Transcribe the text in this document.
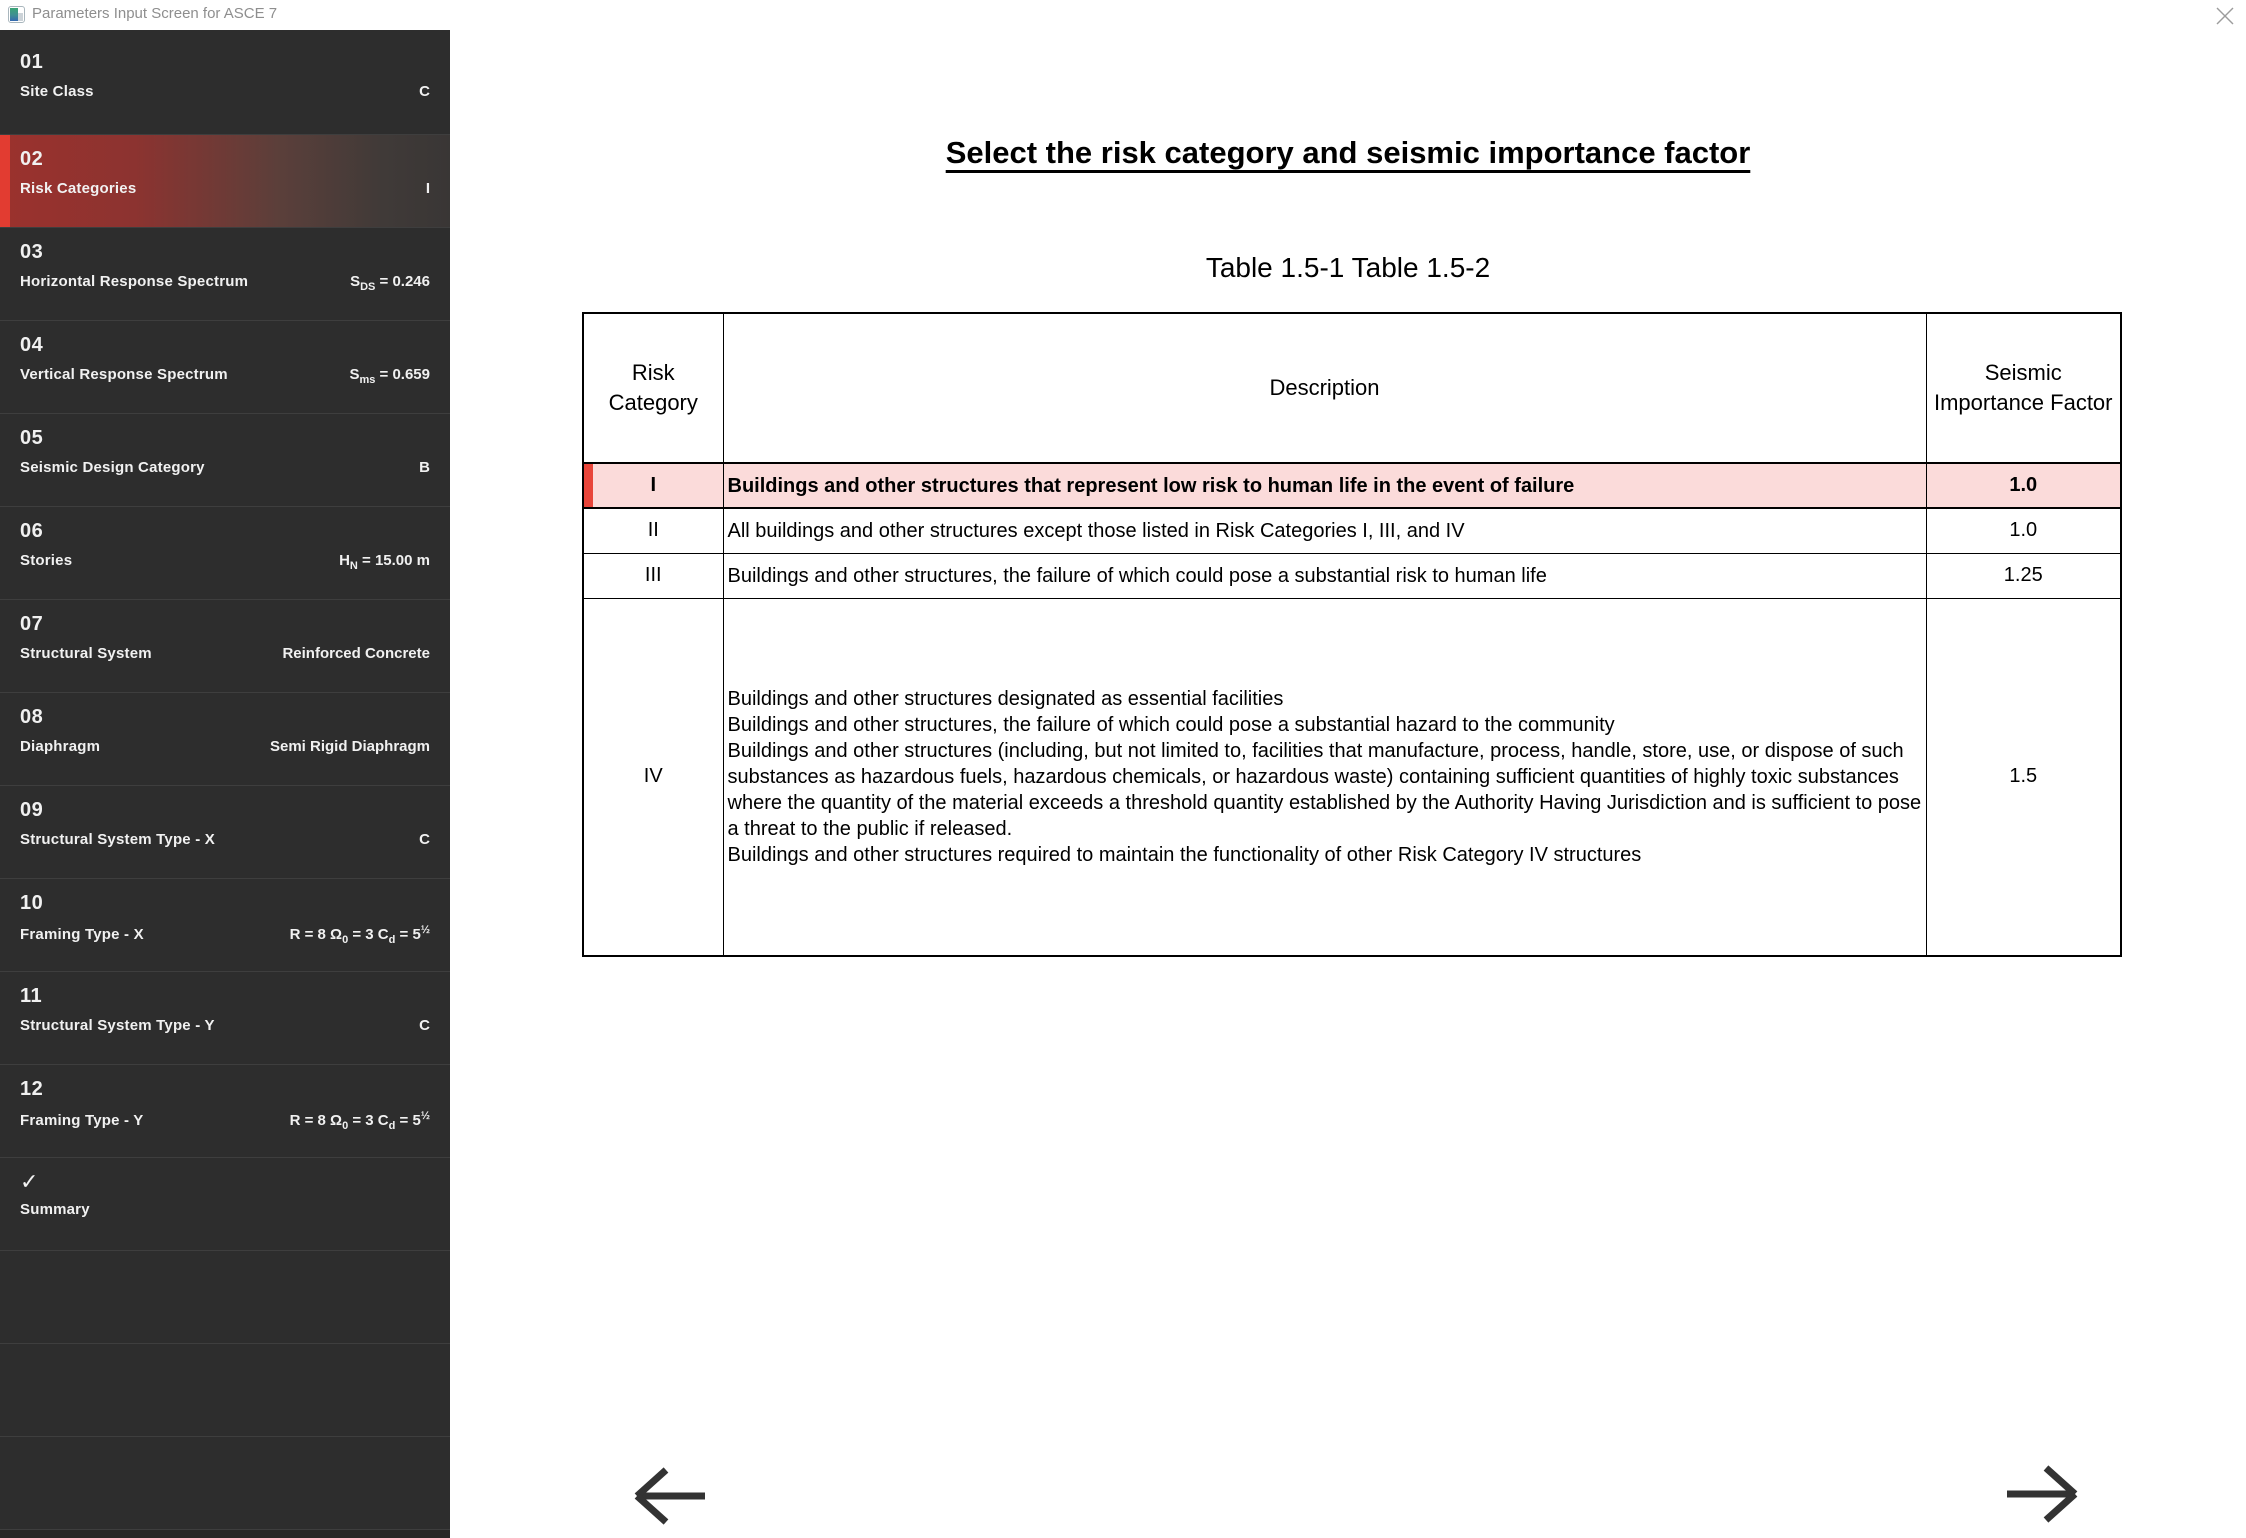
Parameters Input Screen for ASCE 7
01
Site Class	C
02
Risk Categories	I
03
Horizontal Response Spectrum	$S_{DS} = 0.246$
04
Vertical Response Spectrum	$S_{ms} = 0.659$
05
Seismic Design Category	B
06
Stories	$H_N = 15.00$ m
07
Structural System	Reinforced Concrete
08
Diaphragm	Semi Rigid Diaphragm
09
Structural System Type - X	C
10
Framing Type - X	R = 8 $\Omega_0 = 3$ $C_d = 5^{\frac{1}{2}}$
11
Structural System Type - Y	C
12
Framing Type - Y	R = 8 $\Omega_0 = 3$ $C_d = 5^{\frac{1}{2}}$
✓
Summary
Select the risk category and seismic importance factor
Table 1.5-1 Table 1.5-2
Risk Category	Description	Seismic Importance Factor
I	Buildings and other structures that represent low risk to human life in the event of failure	1.0
II	All buildings and other structures except those listed in Risk Categories I, III, and IV	1.0
III	Buildings and other structures, the failure of which could pose a substantial risk to human life	1.25
IV	Buildings and other structures designated as essential facilities
Buildings and other structures, the failure of which could pose a substantial hazard to the community
Buildings and other structures (including, but not limited to, facilities that manufacture, process, handle, store, use, or dispose of such substances as hazardous fuels, hazardous chemicals, or hazardous waste) containing sufficient quantities of highly toxic substances where the quantity of the material exceeds a threshold quantity established by the Authority Having Jurisdiction and is sufficient to pose a threat to the public if released.
Buildings and other structures required to maintain the functionality of other Risk Category IV structures	1.5
